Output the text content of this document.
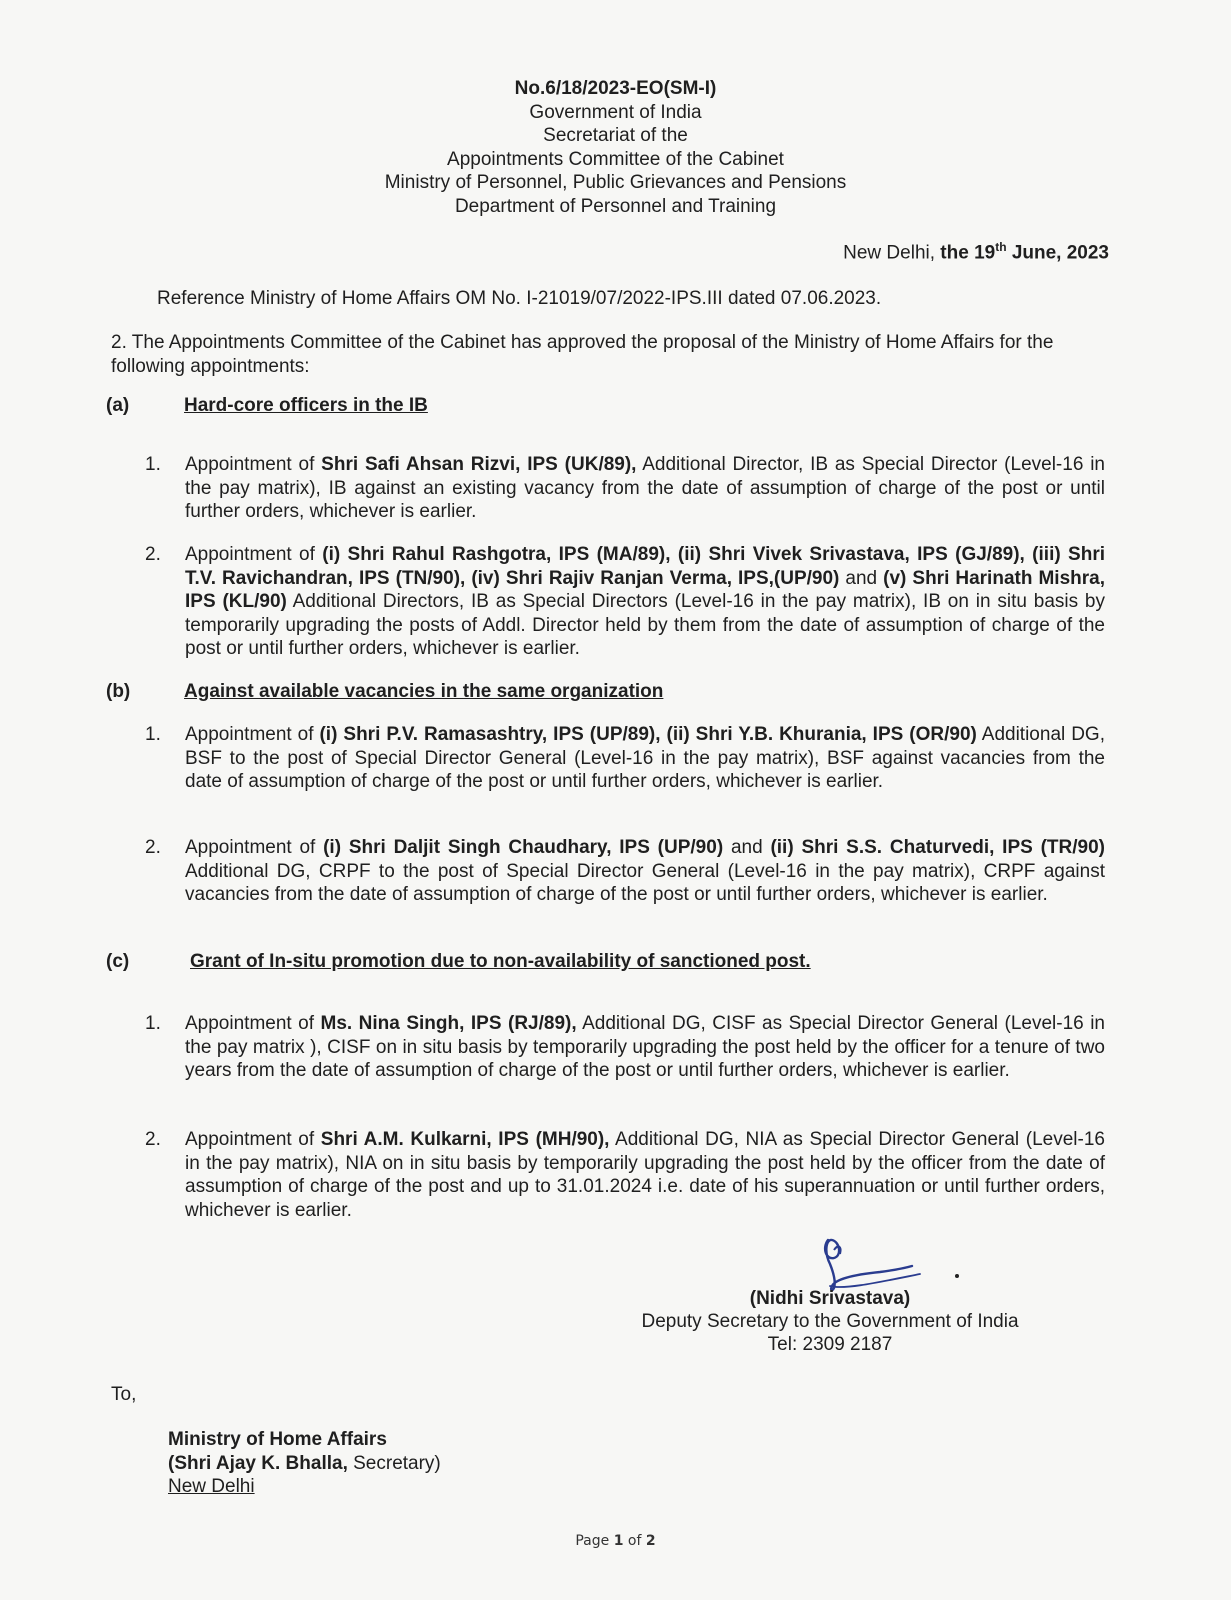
No.6/18/2023-EO(SM-I)
Government of India
Secretariat of the
Appointments Committee of the Cabinet
Ministry of Personnel, Public Grievances and Pensions
Department of Personnel and Training
New Delhi, the 19th June, 2023
Reference Ministry of Home Affairs OM No. I-21019/07/2022-IPS.III dated 07.06.2023.
2. The Appointments Committee of the Cabinet has approved the proposal of the Ministry of Home Affairs for the following appointments:
(a)	Hard-core officers in the IB
1. Appointment of Shri Safi Ahsan Rizvi, IPS (UK/89), Additional Director, IB as Special Director (Level-16 in the pay matrix), IB against an existing vacancy from the date of assumption of charge of the post or until further orders, whichever is earlier.
2. Appointment of (i) Shri Rahul Rashgotra, IPS (MA/89), (ii) Shri Vivek Srivastava, IPS (GJ/89), (iii) Shri T.V. Ravichandran, IPS (TN/90), (iv) Shri Rajiv Ranjan Verma, IPS,(UP/90) and (v) Shri Harinath Mishra, IPS (KL/90) Additional Directors, IB as Special Directors (Level-16 in the pay matrix), IB on in situ basis by temporarily upgrading the posts of Addl. Director held by them from the date of assumption of charge of the post or until further orders, whichever is earlier.
(b)	Against available vacancies in the same organization
1. Appointment of (i) Shri P.V. Ramasashtry, IPS (UP/89), (ii) Shri Y.B. Khurania, IPS (OR/90) Additional DG, BSF to the post of Special Director General (Level-16 in the pay matrix), BSF against vacancies from the date of assumption of charge of the post or until further orders, whichever is earlier.
2. Appointment of (i) Shri Daljit Singh Chaudhary, IPS (UP/90) and (ii) Shri S.S. Chaturvedi, IPS (TR/90) Additional DG, CRPF to the post of Special Director General (Level-16 in the pay matrix), CRPF against vacancies from the date of assumption of charge of the post or until further orders, whichever is earlier.
(c)	Grant of In-situ promotion due to non-availability of sanctioned post.
1. Appointment of Ms. Nina Singh, IPS (RJ/89), Additional DG, CISF as Special Director General (Level-16 in the pay matrix ), CISF on in situ basis by temporarily upgrading the post held by the officer for a tenure of two years from the date of assumption of charge of the post or until further orders, whichever is earlier.
2. Appointment of Shri A.M. Kulkarni, IPS (MH/90), Additional DG, NIA as Special Director General (Level-16 in the pay matrix), NIA on in situ basis by temporarily upgrading the post held by the officer from the date of assumption of charge of the post and up to 31.01.2024 i.e. date of his superannuation or until further orders, whichever is earlier.
(Nidhi Srivastava)
Deputy Secretary to the Government of India
Tel: 2309 2187
To,
Ministry of Home Affairs
(Shri Ajay K. Bhalla, Secretary)
New Delhi
Page 1 of 2
